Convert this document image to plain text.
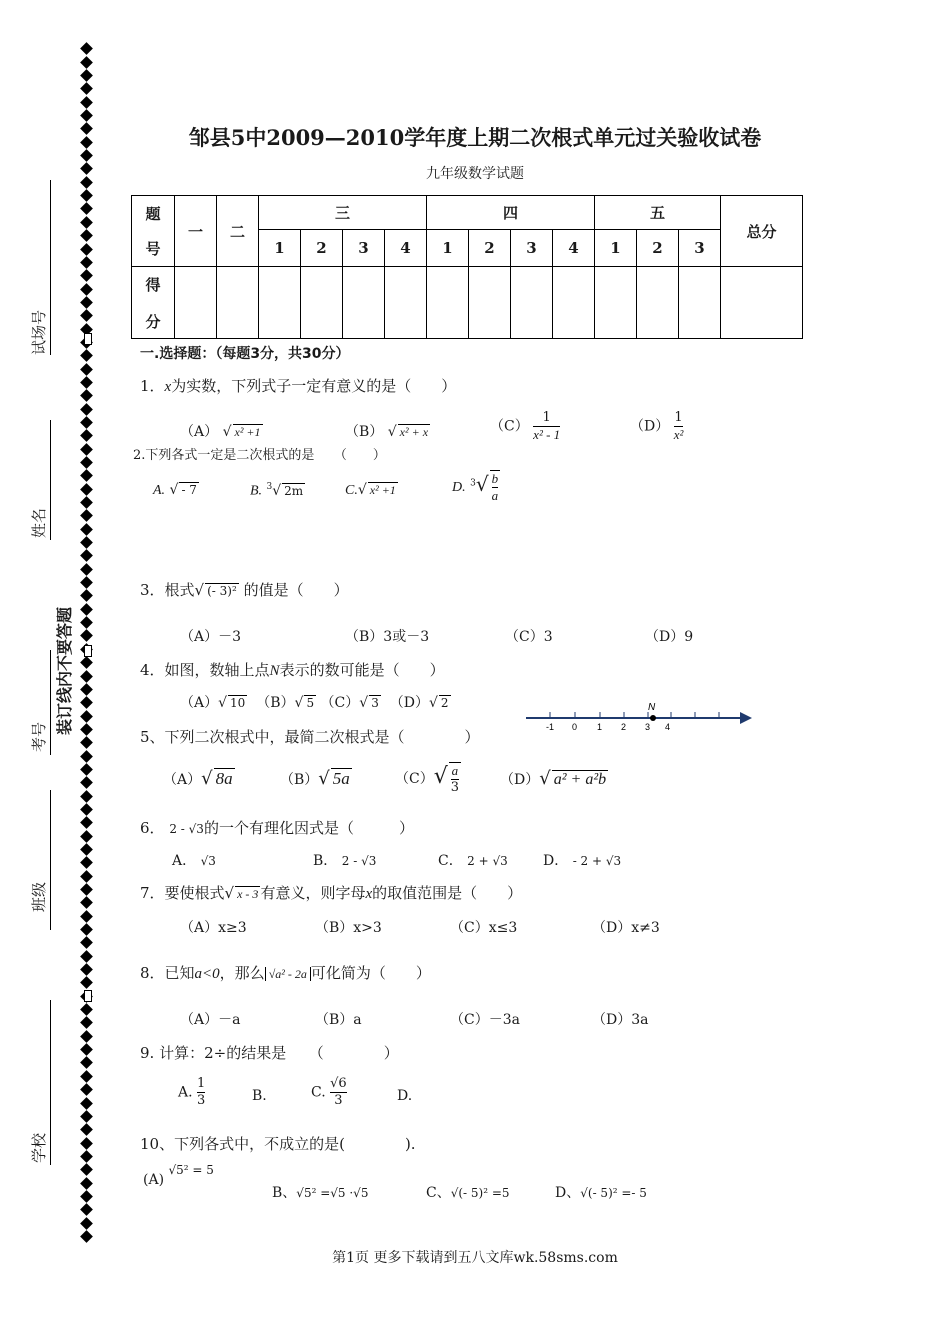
试场号
姓名
考号
班级
学校
装订线内不要答题
邹县5中2009—2010学年度上期二次根式单元过关验收试卷
九年级数学试题
题
号	一	二	三				四				五			总分
			1	2	3	4	1	2	3	4	1	2	3	

得
分														

一.选择题：（每题3分，共30分）
1．x为实数，下列式子一定有意义的是（　　）
（A） √ x² +1	（B） √ x² + x	$(C) \frac{1}{\text{x² - 1}}$	$(D) \frac{1}{\text{x²}}$
2.下列各式一定是二次根式的是　　（　　）
A. √ - 7	B. $^3$ √ 2m	C. √ x² +1	D. $^3$ √ $\frac{b}{a}$
3．根式 √ (- 3)² 的值是（　　）
（A）－3	（B）3或－3	（C）3	（D）9
4．如图，数轴上点N表示的数可能是（　　）
（A） √ 10 （B） √ 5 （C） √ 3 （D） √ 2	N
-1 0 1 2 3 4
5、下列二次根式中，最简二次根式是（　　　　）
（A） √ 8a	（B） √ 5a	（C） √ $\frac{a}{3}$	（D） √ a² + a²b
6． 2 - √3的一个有理化因式是（　　　）
A． √3	B． 2 - √3	C． 2 + √3	D． - 2 + √3
7．要使根式 √ x - 3 有意义，则字母x的取值范围是（　　）
（A）x≥3	（B）x>3	（C）x≤3	（D）x≠3
8．已知a<0，那么 √a² - 2a 可化简为（　　）
（A）－a	（B）a	（C）－3a	（D）3a
9. 计算：2÷的结果是　　（　　　　）
A. $\frac{1}{3}$	B.	C. $\frac{√6}{3}$	D.
10、下列各式中，不成立的是(　　　　).
(A) √5² = 5
B、√5² =√5 ·√5	C、√(- 5)² =5	D、√(- 5)² =- 5
第1页 更多下载请到五八文库wk.58sms.com
